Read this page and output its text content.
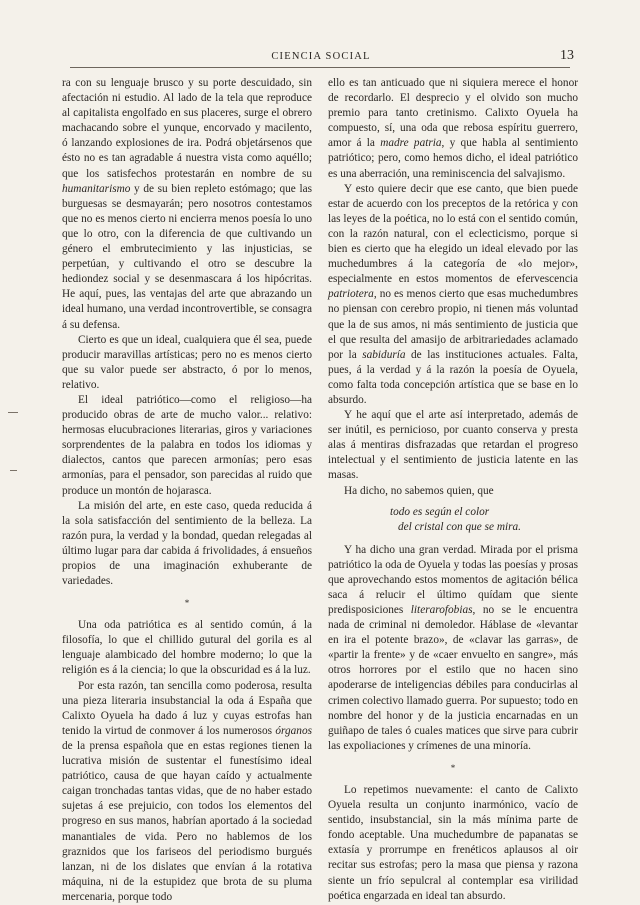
CIENCIA SOCIAL	13

ra con su lenguaje brusco y su porte descuidado, sin afectación ni estudio. Al lado de la tela que reproduce al capitalista engolfado en sus placeres, surge el obrero machacando sobre el yunque, encorvado y macilento, ó lanzando explosiones de ira. Podrá objetársenos que ésto no es tan agradable á nuestra vista como aquéllo; que los satisfechos protestarán en nombre de su humanitarismo y de su bien repleto estómago; que las burguesas se desmayarán; pero nosotros contestamos que no es menos cierto ni encierra menos poesía lo uno que lo otro, con la diferencia de que cultivando un género el embrutecimiento y las injusticias, se perpetúan, y cultivando el otro se descubre la hediondez social y se desenmascara á los hipócritas. He aquí, pues, las ventajas del arte que abrazando un ideal humano, una verdad incontrovertible, se consagra á su defensa.

Cierto es que un ideal, cualquiera que él sea, puede producir maravillas artísticas; pero no es menos cierto que su valor puede ser abstracto, ó por lo menos, relativo.

El ideal patriótico—como el religioso—ha producido obras de arte de mucho valor... relativo: hermosas elucubraciones literarias, giros y variaciones sorprendentes de la palabra en todos los idiomas y dialectos, cantos que parecen armonías; pero esas armonías, para el pensador, son parecidas al ruido que produce un montón de hojarasca.

La misión del arte, en este caso, queda reducida á la sola satisfacción del sentimiento de la belleza. La razón pura, la verdad y la bondad, quedan relegadas al último lugar para dar cabida á frivolidades, á ensueños propios de una imaginación exhuberante de variedades.

*

Una oda patriótica es al sentido común, á la filosofía, lo que el chillido gutural del gorila es al lenguaje alambicado del hombre moderno; lo que la religión es á la ciencia; lo que la obscuridad es á la luz.

Por esta razón, tan sencilla como poderosa, resulta una pieza literaria insubstancial la oda á España que Calixto Oyuela ha dado á luz y cuyas estrofas han tenido la virtud de conmover á los numerosos órganos de la prensa española que en estas regiones tienen la lucrativa misión de sustentar el funestísimo ideal patriótico, causa de que hayan caído y actualmente caigan tronchadas tantas vidas, que de no haber estado sujetas á ese prejuicio, con todos los elementos del progreso en sus manos, habrían aportado á la sociedad manantiales de vida. Pero no hablemos de los graznidos que los fariseos del periodismo burgués lanzan, ni de los dislates que envían á la rotativa máquina, ni de la estupidez que brota de su pluma mercenaria, porque todo

ello es tan anticuado que ni siquiera merece el honor de recordarlo. El desprecio y el olvido son mucho premio para tanto cretinismo. Calixto Oyuela ha compuesto, sí, una oda que rebosa espíritu guerrero, amor á la madre patria, y que habla al sentimiento patriótico; pero, como hemos dicho, el ideal patriótico es una aberración, una reminiscencia del salvajismo.

Y esto quiere decir que ese canto, que bien puede estar de acuerdo con los preceptos de la retórica y con las leyes de la poética, no lo está con el sentido común, con la razón natural, con el eclecticismo, porque si bien es cierto que ha elegido un ideal elevado por las muchedumbres á la categoría de «lo mejor», especialmente en estos momentos de efervescencia patriotera, no es menos cierto que esas muchedumbres no piensan con cerebro propio, ni tienen más voluntad que la de sus amos, ni más sentimiento de justicia que el que resulta del amasijo de arbitrariedades aclamado por la sabiduría de las instituciones actuales. Falta, pues, á la verdad y á la razón la poesía de Oyuela, como falta toda concepción artística que se base en lo absurdo.

Y he aquí que el arte así interpretado, además de ser inútil, es pernicioso, por cuanto conserva y presta alas á mentiras disfrazadas que retardan el progreso intelectual y el sentimiento de justicia latente en las masas.

Ha dicho, no sabemos quien, que

todo es según el color
del cristal con que se mira.

Y ha dicho una gran verdad. Mirada por el prisma patriótico la oda de Oyuela y todas las poesías y prosas que aprovechando estos momentos de agitación bélica saca á relucir el último quídam que siente predisposiciones literarofobias, no se le encuentra nada de criminal ni demoledor. Háblase de «levantar en ira el potente brazo», de «clavar las garras», de «partir la frente» y de «caer envuelto en sangre», más otros horrores por el estilo que no hacen sino apoderarse de inteligencias débiles para conducirlas al crimen colectivo llamado guerra. Por supuesto; todo en nombre del honor y de la justicia encarnadas en un guiñapo de tales ó cuales matices que sirve para cubrir las expoliaciones y crímenes de una minoría.

*

Lo repetimos nuevamente: el canto de Calixto Oyuela resulta un conjunto inarmónico, vacío de sentido, insubstancial, sin la más mínima parte de fondo aceptable. Una muchedumbre de papanatas se extasía y prorrumpe en frenéticos aplausos al oir recitar sus estrofas; pero la masa que piensa y razona siente un frío sepulcral al contemplar esa virilidad poética engarzada en ideal tan absurdo.
